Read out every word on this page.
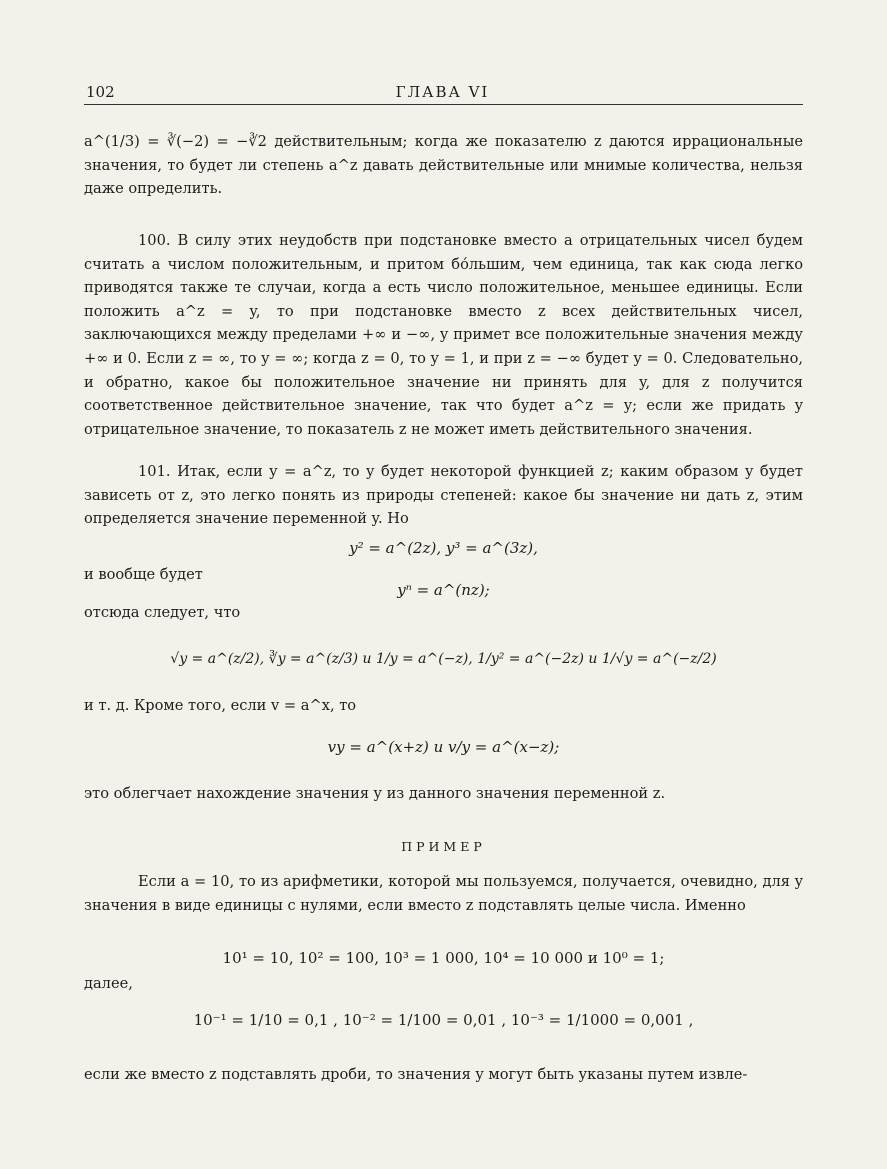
102	ГЛАВА VI

a^(1/3) = ∛(−2) = −∛2 действительным; когда же показателю z даются иррациональные значения, то будет ли степень a^z давать действительные или мнимые количества, нельзя даже определить.

100. В силу этих неудобств при подстановке вместо a отрицательных чисел будем считать a числом положительным, и притом бо́льшим, чем единица, так как сюда легко приводятся также те случаи, когда a есть число положительное, меньшее единицы. Если положить a^z = y, то при подстановке вместо z всех действительных чисел, заключающихся между пределами +∞ и −∞, y примет все положительные значения между +∞ и 0. Если z = ∞, то y = ∞; когда z = 0, то y = 1, и при z = −∞ будет y = 0. Следовательно, и обратно, какое бы положительное значение ни принять для y, для z получится соответственное действительное значение, так что будет a^z = y; если же придать y отрицательное значение, то показатель z не может иметь действительного значения.

101. Итак, если y = a^z, то y будет некоторой функцией z; каким образом y будет зависеть от z, это легко понять из природы степеней: какое бы значение ни дать z, этим определяется значение переменной y. Но

y² = a^(2z), y³ = a^(3z),
и вообще будет
yⁿ = a^(nz);
отсюда следует, что
√y = a^(z/2), ∛y = a^(z/3) и 1/y = a^(−z), 1/y² = a^(−2z) и 1/√y = a^(−z/2)
и т. д. Кроме того, если v = a^x, то
vy = a^(x+z) и v/y = a^(x−z);
это облегчает нахождение значения y из данного значения переменной z.
ПРИМЕР

Если a = 10, то из арифметики, которой мы пользуемся, получается, очевидно, для y значения в виде единицы с нулями, если вместо z подставлять целые числа. Именно

10¹ = 10, 10² = 100, 10³ = 1 000, 10⁴ = 10 000 и 10⁰ = 1;
далее,
10⁻¹ = 1/10 = 0,1 , 10⁻² = 1/100 = 0,01 , 10⁻³ = 1/1000 = 0,001 ,

если же вместо z подставлять дроби, то значения y могут быть указаны путем извле-
